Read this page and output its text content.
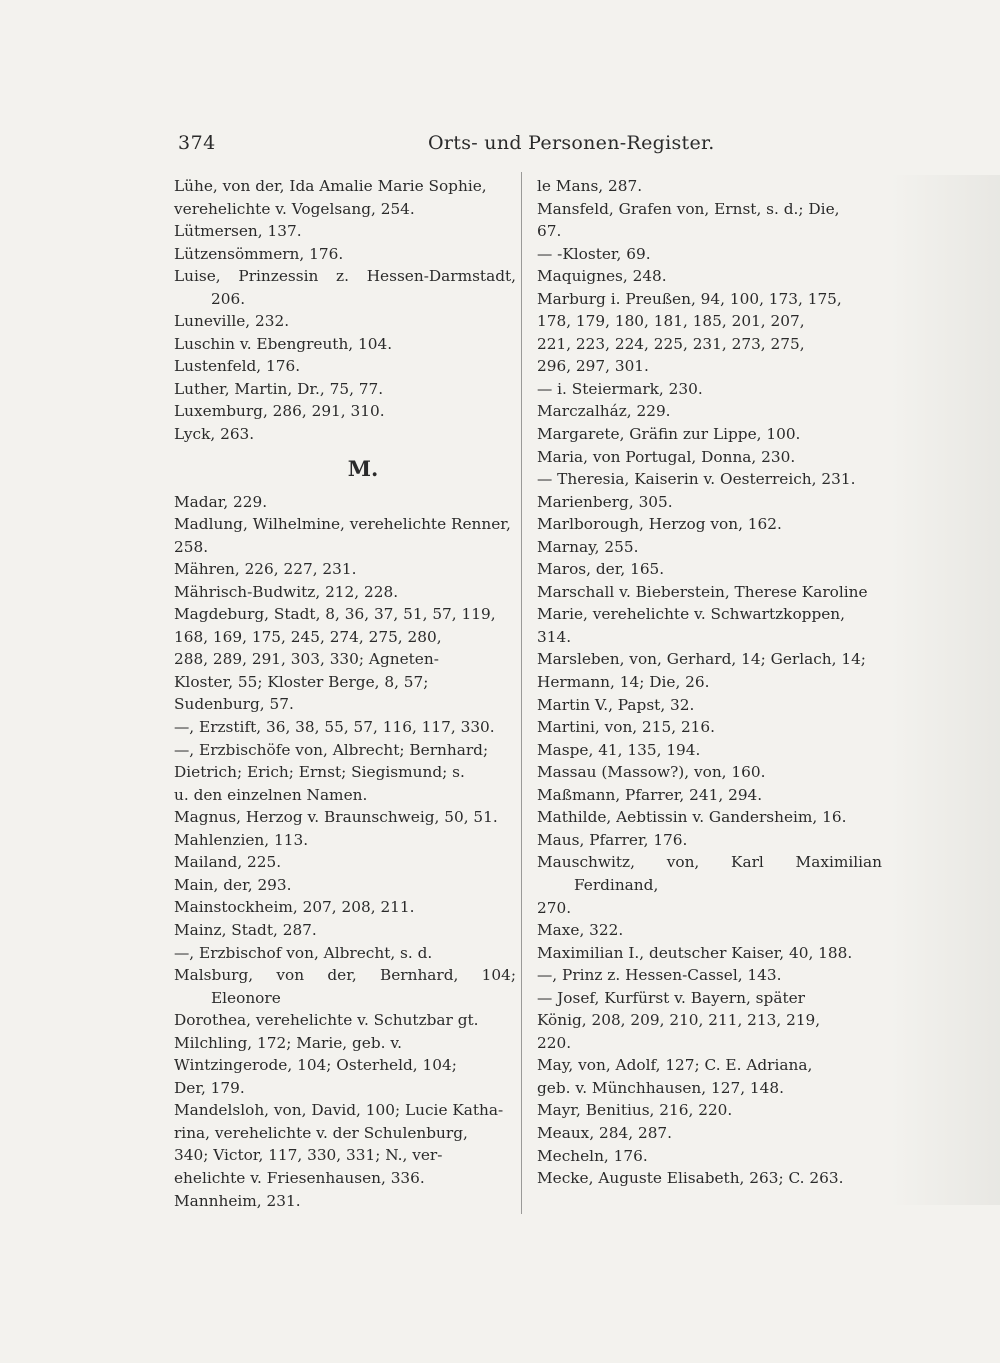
374	Orts- und Personen-Register.
Lühe, von der, Ida Amalie Marie Sophie,
verehelichte v. Vogelsang, 254.
Lütmersen, 137.
Lützensömmern, 176.
Luise, Prinzessin z. Hessen-Darmstadt, 206.
Luneville, 232.
Luschin v. Ebengreuth, 104.
Lustenfeld, 176.
Luther, Martin, Dr., 75, 77.
Luxemburg, 286, 291, 310.
Lyck, 263.
M.
Madar, 229.
Madlung, Wilhelmine, verehelichte Renner,
258.
Mähren, 226, 227, 231.
Mährisch-Budwitz, 212, 228.
Magdeburg, Stadt, 8, 36, 37, 51, 57, 119,
168, 169, 175, 245, 274, 275, 280,
288, 289, 291, 303, 330; Agneten-
Kloster, 55; Kloster Berge, 8, 57;
Sudenburg, 57.
—, Erzstift, 36, 38, 55, 57, 116, 117, 330.
—, Erzbischöfe von, Albrecht; Bernhard;
Dietrich; Erich; Ernst; Siegismund; s.
u. den einzelnen Namen.
Magnus, Herzog v. Braunschweig, 50, 51.
Mahlenzien, 113.
Mailand, 225.
Main, der, 293.
Mainstockheim, 207, 208, 211.
Mainz, Stadt, 287.
—, Erzbischof von, Albrecht, s. d.
Malsburg, von der, Bernhard, 104; Eleonore
Dorothea, verehelichte v. Schutzbar gt.
Milchling, 172; Marie, geb. v.
Wintzingerode, 104; Osterheld, 104;
Der, 179.
Mandelsloh, von, David, 100; Lucie Katha-
rina, verehelichte v. der Schulenburg,
340; Victor, 117, 330, 331; N., ver-
ehelichte v. Friesenhausen, 336.
Mannheim, 231.
le Mans, 287.
Mansfeld, Grafen von, Ernst, s. d.; Die,
67.
— -Kloster, 69.
Maquignes, 248.
Marburg i. Preußen, 94, 100, 173, 175,
178, 179, 180, 181, 185, 201, 207,
221, 223, 224, 225, 231, 273, 275,
296, 297, 301.
— i. Steiermark, 230.
Marczalház, 229.
Margarete, Gräfin zur Lippe, 100.
Maria, von Portugal, Donna, 230.
— Theresia, Kaiserin v. Oesterreich, 231.
Marienberg, 305.
Marlborough, Herzog von, 162.
Marnay, 255.
Maros, der, 165.
Marschall v. Bieberstein, Therese Karoline
Marie, verehelichte v. Schwartzkoppen,
314.
Marsleben, von, Gerhard, 14; Gerlach, 14;
Hermann, 14; Die, 26.
Martin V., Papst, 32.
Martini, von, 215, 216.
Maspe, 41, 135, 194.
Massau (Massow?), von, 160.
Maßmann, Pfarrer, 241, 294.
Mathilde, Aebtissin v. Gandersheim, 16.
Maus, Pfarrer, 176.
Mauschwitz, von, Karl Maximilian Ferdinand,
270.
Maxe, 322.
Maximilian I., deutscher Kaiser, 40, 188.
—, Prinz z. Hessen-Cassel, 143.
— Josef, Kurfürst v. Bayern, später
König, 208, 209, 210, 211, 213, 219,
220.
May, von, Adolf, 127; C. E. Adriana,
geb. v. Münchhausen, 127, 148.
Mayr, Benitius, 216, 220.
Meaux, 284, 287.
Mecheln, 176.
Mecke, Auguste Elisabeth, 263; C. 263.
